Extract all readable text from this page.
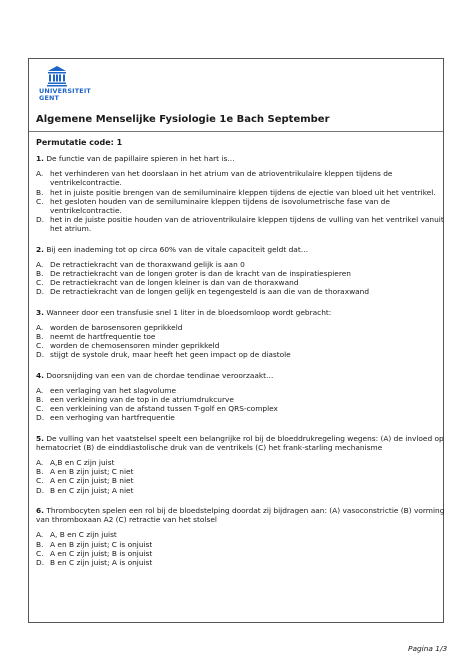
UNIVERSITEIT
GENT
Algemene Menselijke Fysiologie 1e Bach September
Permutatie code: 1
1. De functie van de papillaire spieren in het hart is…
A. het verhinderen van het doorslaan in het atrium van de atrioventrikulaire kleppen tijdens de
ventrikelcontractie.
B. het in juiste positie brengen van de semiluminaire kleppen tijdens de ejectie van bloed uit het ventrikel.
C. het gesloten houden van de semiluminaire kleppen tijdens de isovolumetrische fase van de
ventrikelcontractie.
D. het in de juiste positie houden van de atrioventrikulaire kleppen tijdens de vulling van het ventrikel vanuit
het atrium.
2. Bij een inademing tot op circa 60% van de vitale capaciteit geldt dat…
A. De retractiekracht van de thoraxwand gelijk is aan 0
B. De retractiekracht van de longen groter is dan de kracht van de inspiratiespieren
C. De retractiekracht van de longen kleiner is dan van de thoraxwand
D. De retractiekracht van de longen gelijk en tegengesteld is aan die van de thoraxwand
3. Wanneer door een transfusie snel 1 liter in de bloedsomloop wordt gebracht:
A. worden de barosensoren geprikkeld
B. neemt de hartfrequentie toe
C. worden de chemosensoren minder geprikkeld
D. stijgt de systole druk, maar heeft het geen impact op de diastole
4. Doorsnijding van een van de chordae tendinae veroorzaakt…
A. een verlaging van het slagvolume
B. een verkleining van de top in de atriumdrukcurve
C. een verkleining van de afstand tussen T-golf en QRS-complex
D. een verhoging van hartfrequentie
5. De vulling van het vaatstelsel speelt een belangrijke rol bij de bloeddrukregeling wegens: (A) de invloed op
hematocriet (B) de einddiastolische druk van de ventrikels (C) het frank-starling mechanisme
A. A,B en C zijn juist
B. A en B zijn juist; C niet
C. A en C zijn juist; B niet
D. B en C zijn juist; A niet
6. Thrombocyten spelen een rol bij de bloedstelping doordat zij bijdragen aan: (A) vasoconstrictie (B) vorming
van thromboxaan A2 (C) retractie van het stolsel
A. A, B en C zijn juist
B. A en B zijn juist; C is onjuist
C. A en C zijn juist; B is onjuist
D. B en C zijn juist; A is onjuist
Pagina 1/3
